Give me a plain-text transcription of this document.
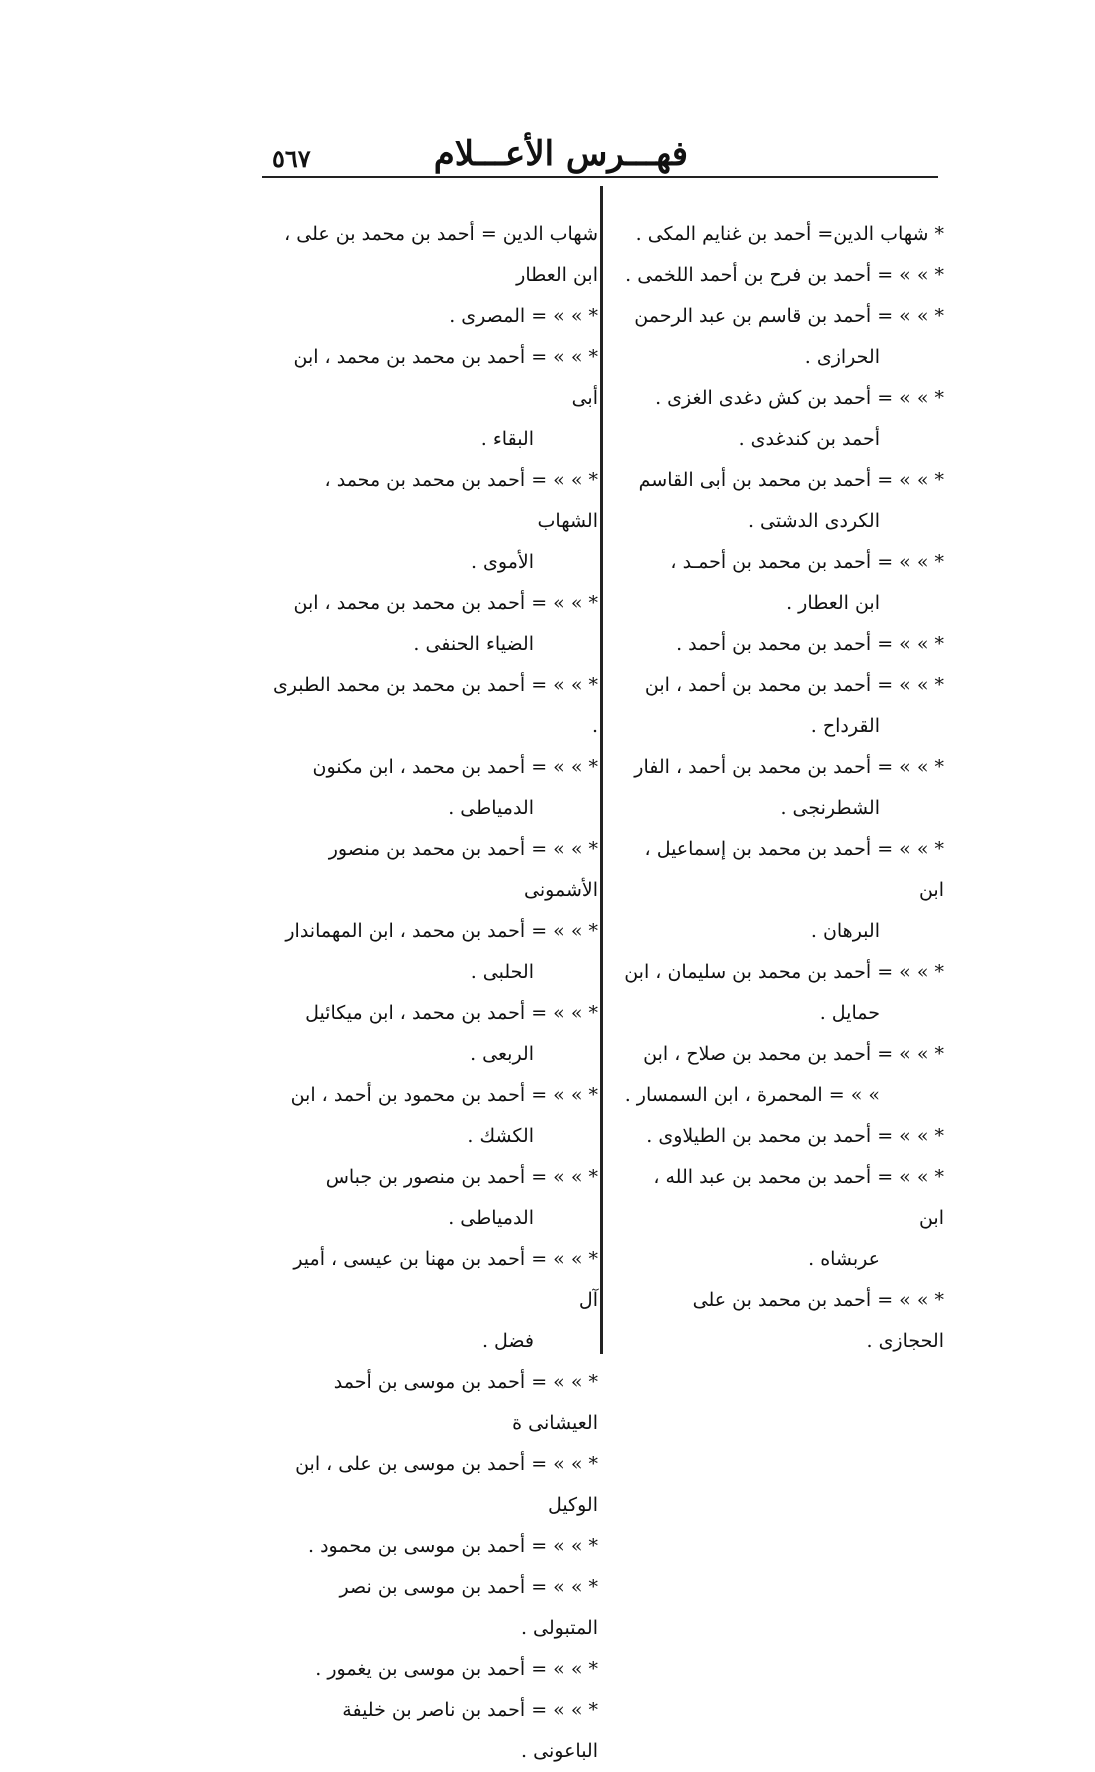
فهـــرس الأعـــلام
٥٦٧
* شهاب الدين= أحمد بن غنايم المكى .
* » » = أحمد بن فرح بن أحمد اللخمى .
* » » = أحمد بن قاسم بن عبد الرحمن
الحرازى .
* » » = أحمد بن كش دغدى الغزى .
أحمد بن كندغدى .
* » » = أحمد بن محمد بن أبى القاسم
الكردى الدشتى .
* » » = أحمد بن محمد بن أحمـد ،
ابن العطار .
* » » = أحمد بن محمد بن أحمد .
* » » = أحمد بن محمد بن أحمد ، ابن
القرداح .
* » » = أحمد بن محمد بن أحمد ، الفار
الشطرنجى .
* » » = أحمد بن محمد بن إسماعيل ، ابن
البرهان .
* » » = أحمد بن محمد بن سليمان ، ابن
حمايل .
* » » = أحمد بن محمد بن صلاح ، ابن
» » = المحمرة ، ابن السمسار .
* » » = أحمد بن محمد بن الطيلاوى .
* » » = أحمد بن محمد بن عبد الله ، ابن
عربشاه .
* » » = أحمد بن محمد بن على الحجازى .
شهاب الدين = أحمد بن محمد بن على ، ابن العطار
* » » = المصرى .
* » » = أحمد بن محمد بن محمد ، ابن أبى
البقاء .
* » » = أحمد بن محمد بن محمد ، الشهاب
الأموى .
* » » = أحمد بن محمد بن محمد ، ابن
الضياء الحنفى .
* » » = أحمد بن محمد بن محمد الطبرى .
* » » = أحمد بن محمد ، ابن مكنون
الدمياطى .
* » » = أحمد بن محمد بن منصور الأشمونى
* » » = أحمد بن محمد ، ابن المهماندار
الحلبى .
* » » = أحمد بن محمد ، ابن ميكائيل
الربعى .
* » » = أحمد بن محمود بن أحمد ، ابن
الكشك .
* » » = أحمد بن منصور بن جباس
الدمياطى .
* » » = أحمد بن مهنا بن عيسى ، أمير آل
فضل .
* » » = أحمد بن موسى بن أحمد العيشانى ة
* » » = أحمد بن موسى بن على ، ابن الوكيل
* » » = أحمد بن موسى بن محمود .
* » » = أحمد بن موسى بن نصر المتبولى .
* » » = أحمد بن موسى بن يغمور .
* » » = أحمد بن ناصر بن خليفة الباعونى .
